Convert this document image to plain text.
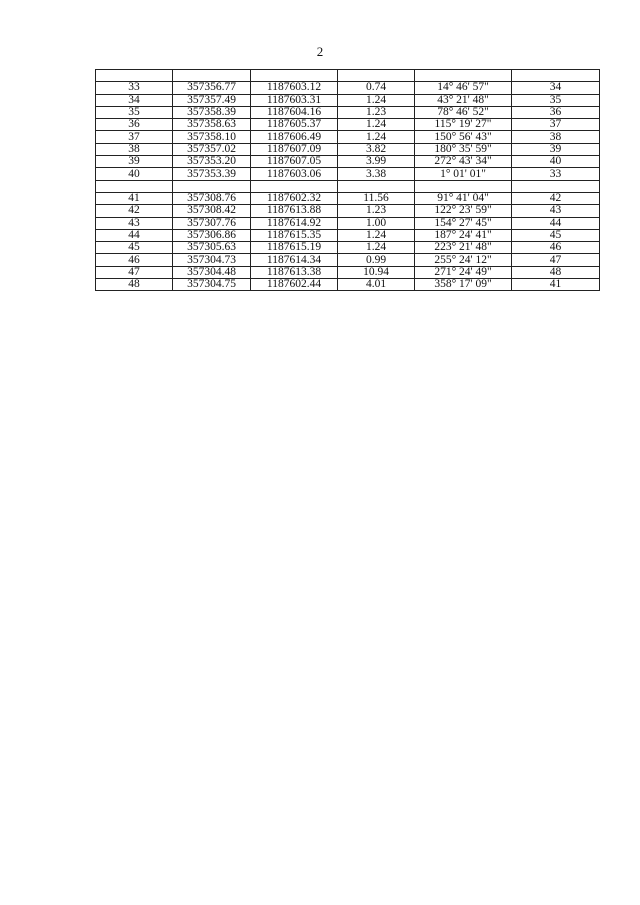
2

33	357356.77	1187603.12	0.74	14° 46' 57"	34
34	357357.49	1187603.31	1.24	43° 21' 48"	35
35	357358.39	1187604.16	1.23	78° 46' 52"	36
36	357358.63	1187605.37	1.24	115° 19' 27"	37
37	357358.10	1187606.49	1.24	150° 56' 43"	38
38	357357.02	1187607.09	3.82	180° 35' 59"	39
39	357353.20	1187607.05	3.99	272° 43' 34"	40
40	357353.39	1187603.06	3.38	1° 01' 01"	33

41	357308.76	1187602.32	11.56	91° 41' 04"	42
42	357308.42	1187613.88	1.23	122° 23' 59"	43
43	357307.76	1187614.92	1.00	154° 27' 45"	44
44	357306.86	1187615.35	1.24	187° 24' 41"	45
45	357305.63	1187615.19	1.24	223° 21' 48"	46
46	357304.73	1187614.34	0.99	255° 24' 12"	47
47	357304.48	1187613.38	10.94	271° 24' 49"	48
48	357304.75	1187602.44	4.01	358° 17' 09"	41
